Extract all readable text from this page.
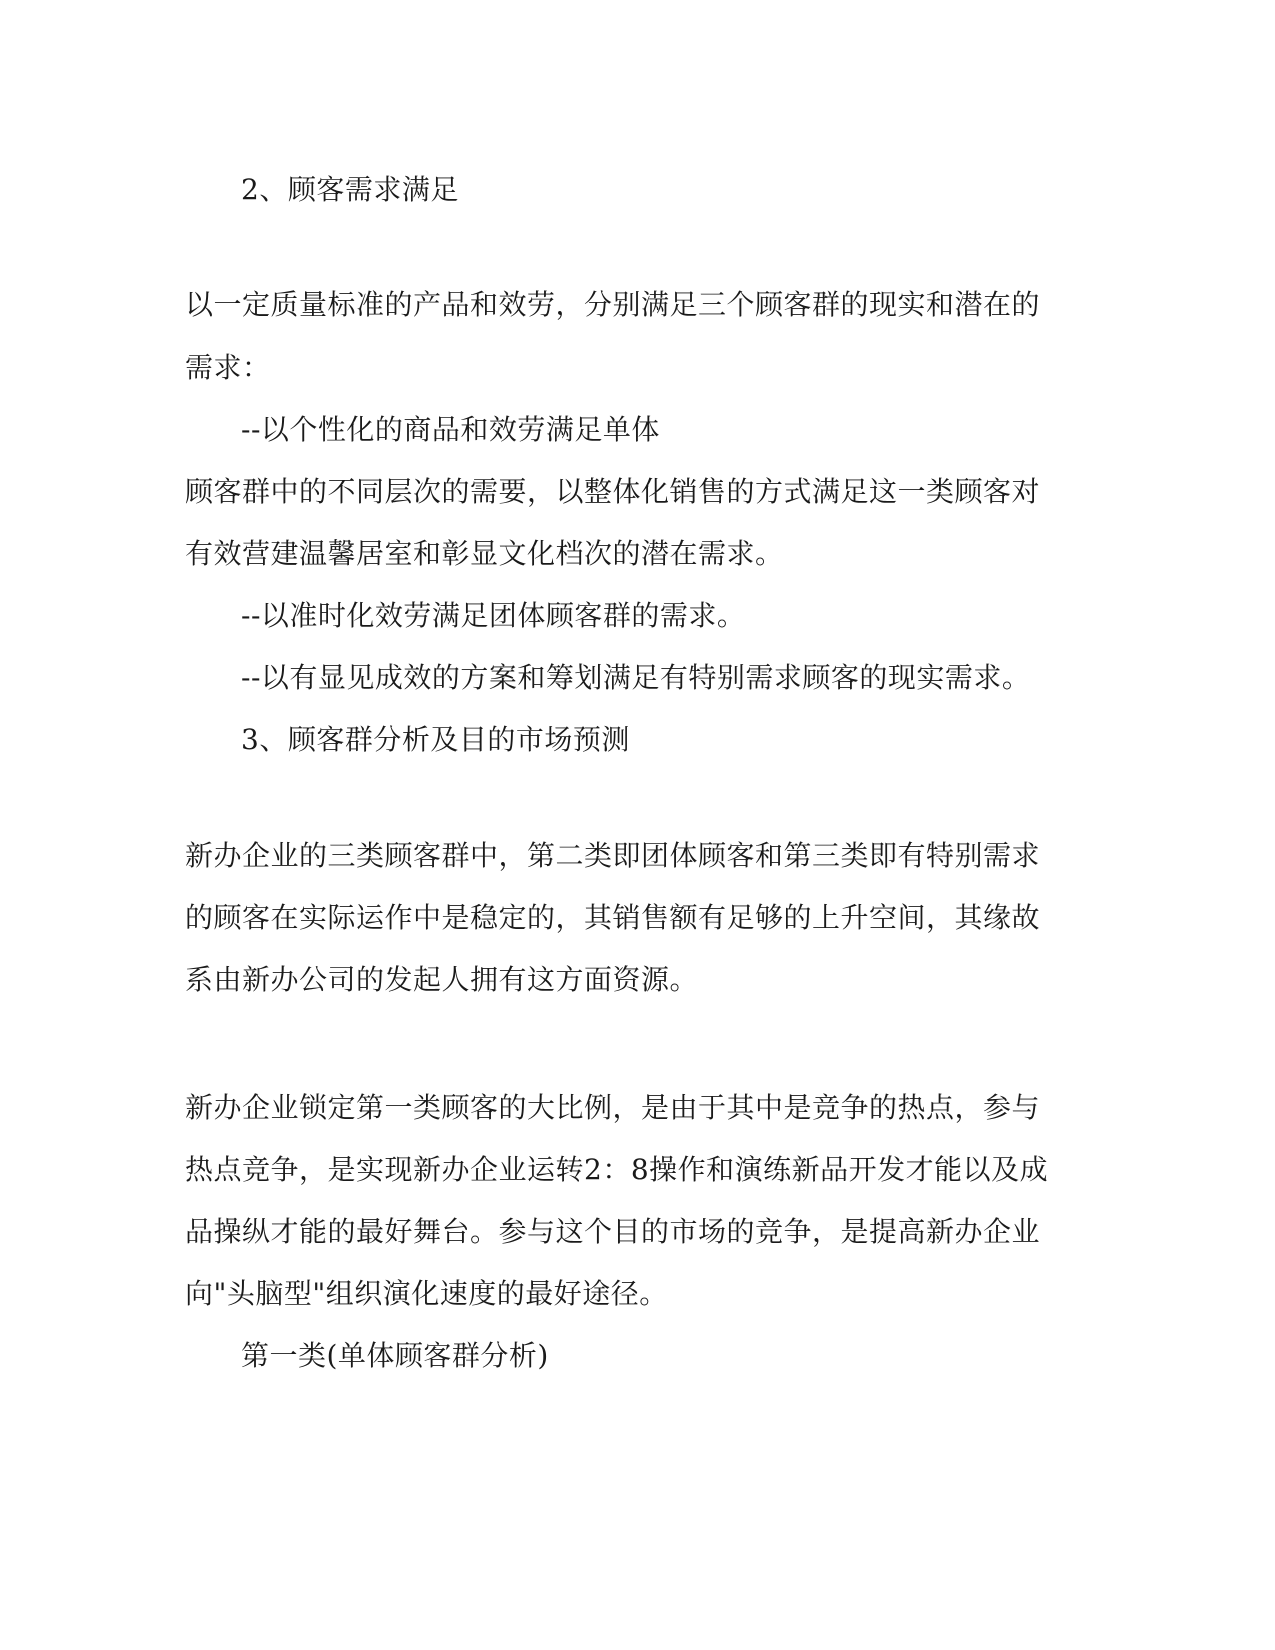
2、顾客需求满足
以一定质量标准的产品和效劳，分别满足三个顾客群的现实和潜在的
需求：
--以个性化的商品和效劳满足单体
顾客群中的不同层次的需要，以整体化销售的方式满足这一类顾客对
有效营建温馨居室和彰显文化档次的潜在需求。
--以准时化效劳满足团体顾客群的需求。
--以有显见成效的方案和筹划满足有特别需求顾客的现实需求。
3、顾客群分析及目的市场预测
新办企业的三类顾客群中，第二类即团体顾客和第三类即有特别需求
的顾客在实际运作中是稳定的，其销售额有足够的上升空间，其缘故
系由新办公司的发起人拥有这方面资源。
新办企业锁定第一类顾客的大比例，是由于其中是竞争的热点，参与
热点竞争，是实现新办企业运转2：8操作和演练新品开发才能以及成
品操纵才能的最好舞台。参与这个目的市场的竞争，是提高新办企业
向"头脑型"组织演化速度的最好途径。
第一类(单体顾客群分析)
